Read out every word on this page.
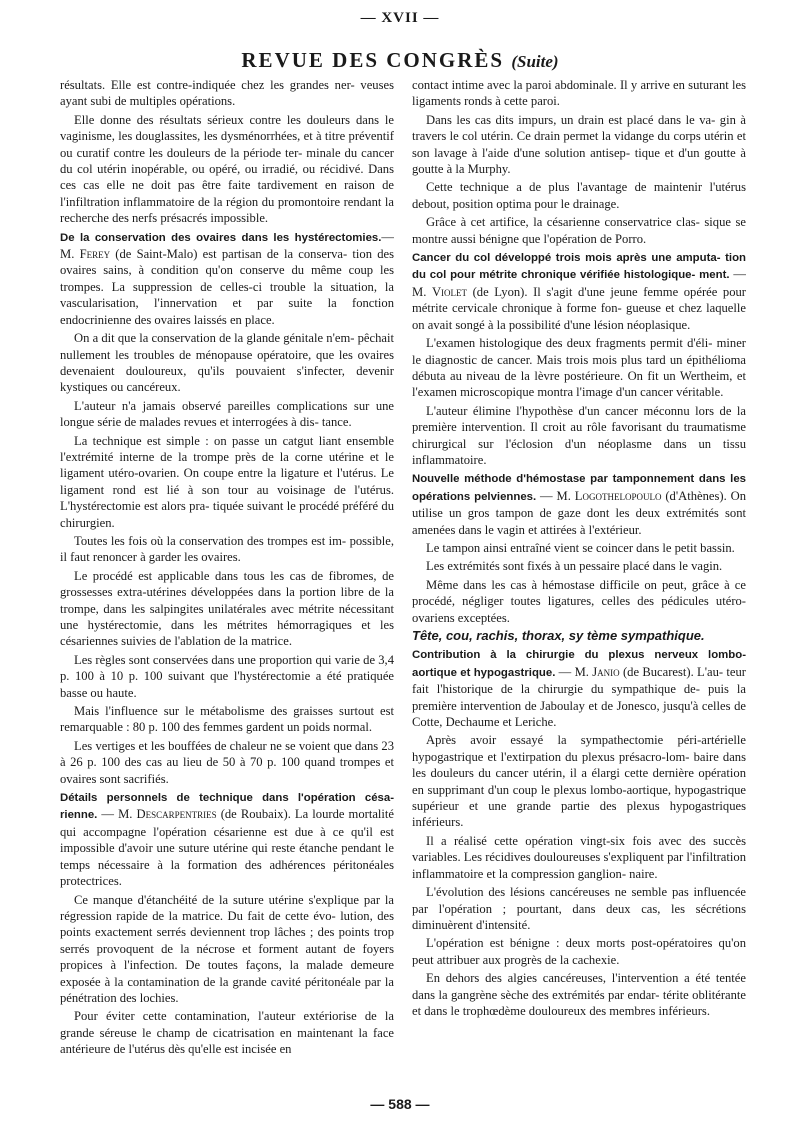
— XVII —
REVUE DES CONGRÈS (Suite)

résultats. Elle est contre-indiquée chez les grandes ner- veuses ayant subi de multiples opérations.

Elle donne des résultats sérieux contre les douleurs dans le vaginisme, les douglassites, les dysménorrhées, et à titre préventif ou curatif contre les douleurs de la période ter- minale du cancer du col utérin inopérable, ou opéré, ou irradié, ou récidivé. Dans ces cas elle ne doit pas être faite tardivement en raison de l'infiltration inflammatoire de la région du promontoire rendant la recherche des nerfs présacrés impossible.

De la conservation des ovaires dans les hystérectomies.— M. Ferey (de Saint-Malo) est partisan de la conserva- tion des ovaires sains, à condition qu'on conserve du même coup les trompes. La suppression de celles-ci trouble la situation, la vascularisation, l'innervation et par suite la fonction endocrinienne des ovaires laissés en place.

On a dit que la conservation de la glande génitale n'em- pêchait nullement les troubles de ménopause opératoire, que les ovaires devenaient douloureux, qu'ils pouvaient s'infecter, devenir kystiques ou cancéreux.

L'auteur n'a jamais observé pareilles complications sur une longue série de malades revues et interrogées à dis- tance.

La technique est simple : on passe un catgut liant ensemble l'extrémité interne de la trompe près de la corne utérine et le ligament utéro-ovarien. On coupe entre la ligature et l'utérus. Le ligament rond est lié à son tour au voisinage de l'utérus. L'hystérectomie est alors pra- tiquée suivant le procédé préféré du chirurgien.

Toutes les fois où la conservation des trompes est im- possible, il faut renoncer à garder les ovaires.

Le procédé est applicable dans tous les cas de fibromes, de grossesses extra-utérines développées dans la portion libre de la trompe, dans les salpingites unilatérales avec métrite nécessitant une hystérectomie, dans les métrites hémorragiques et les césariennes suivies de l'ablation de la matrice.

Les règles sont conservées dans une proportion qui varie de 3,4 p. 100 à 10 p. 100 suivant que l'hystérectomie a été pratiquée basse ou haute.

Mais l'influence sur le métabolisme des graisses surtout est remarquable : 80 p. 100 des femmes gardent un poids normal.

Les vertiges et les bouffées de chaleur ne se voient que dans 23 à 26 p. 100 des cas au lieu de 50 à 70 p. 100 quand trompes et ovaires sont sacrifiés.

Détails personnels de technique dans l'opération césa- rienne. — M. Descarpentries (de Roubaix). La lourde mortalité qui accompagne l'opération césarienne est due à ce qu'il est impossible d'avoir une suture utérine qui reste étanche pendant le temps nécessaire à la formation des adhérences péritonéales protectrices.

Ce manque d'étanchéité de la suture utérine s'explique par la régression rapide de la matrice. Du fait de cette évo- lution, des points exactement serrés deviennent trop lâches ; des points trop serrés provoquent de la nécrose et forment autant de foyers propices à l'infection. De toutes façons, la malade demeure exposée à la contamination de la grande cavité péritonéale par la pénétration des lochies.

Pour éviter cette contamination, l'auteur extériorise de la grande séreuse le champ de cicatrisation en maintenant la face antérieure de l'utérus dès qu'elle est incisée en

contact intime avec la paroi abdominale. Il y arrive en suturant les ligaments ronds à cette paroi.

Dans les cas dits impurs, un drain est placé dans le va- gin à travers le col utérin. Ce drain permet la vidange du corps utérin et son lavage à l'aide d'une solution antisep- tique et d'un goutte à goutte à la Murphy.

Cette technique a de plus l'avantage de maintenir l'utérus debout, position optima pour le drainage.

Grâce à cet artifice, la césarienne conservatrice clas- sique se montre aussi bénigne que l'opération de Porro.

Cancer du col développé trois mois après une amputa- tion du col pour métrite chronique vérifiée histologique- ment. — M. Violet (de Lyon). Il s'agit d'une jeune femme opérée pour métrite cervicale chronique à forme fon- gueuse et chez laquelle on avait songé à la possibilité d'une lésion néoplasique.

L'examen histologique des deux fragments permit d'éli- miner le diagnostic de cancer. Mais trois mois plus tard un épithélioma débuta au niveau de la lèvre postérieure. On fit un Wertheim, et l'examen microscopique montra l'image d'un cancer véritable.

L'auteur élimine l'hypothèse d'un cancer méconnu lors de la première intervention. Il croit au rôle favorisant du traumatisme chirurgical sur l'éclosion d'un néoplasme dans un tissu inflammatoire.

Nouvelle méthode d'hémostase par tamponnement dans les opérations pelviennes. — M. Logothelopoulo (d'Athènes). On utilise un gros tampon de gaze dont les deux extrémités sont amenées dans le vagin et attirées à l'extérieur.

Le tampon ainsi entraîné vient se coincer dans le petit bassin.

Les extrémités sont fixés à un pessaire placé dans le vagin.

Même dans les cas à hémostase difficile on peut, grâce à ce procédé, négliger toutes ligatures, celles des pédicules utéro-ovariens exceptées.

Tête, cou, rachis, thorax, sy tème sympathique.

Contribution à la chirurgie du plexus nerveux lombo- aortique et hypogastrique. — M. Janio (de Bucarest). L'au- teur fait l'historique de la chirurgie du sympathique de- puis la première intervention de Jaboulay et de Jonesco, jusqu'à celles de Cotte, Dechaume et Leriche.

Après avoir essayé la sympathectomie péri-artérielle hypogastrique et l'extirpation du plexus présacro-lom- baire dans les douleurs du cancer utérin, il a élargi cette dernière opération en supprimant d'un coup le plexus lombo-aortique, hypogastrique supérieur et une grande partie des plexus hypogastriques inférieurs.

Il a réalisé cette opération vingt-six fois avec des succès variables. Les récidives douloureuses s'expliquent par l'infiltration inflammatoire et la compression ganglion- naire.

L'évolution des lésions cancéreuses ne semble pas influencée par l'opération ; pourtant, dans deux cas, les sécrétions diminuèrent d'intensité.

L'opération est bénigne : deux morts post-opératoires qu'on peut attribuer aux progrès de la cachexie.

En dehors des algies cancéreuses, l'intervention a été tentée dans la gangrène sèche des extrémités par endar- térite oblitérante et dans le trophœdème douloureux des membres inférieurs.

— 588 —
